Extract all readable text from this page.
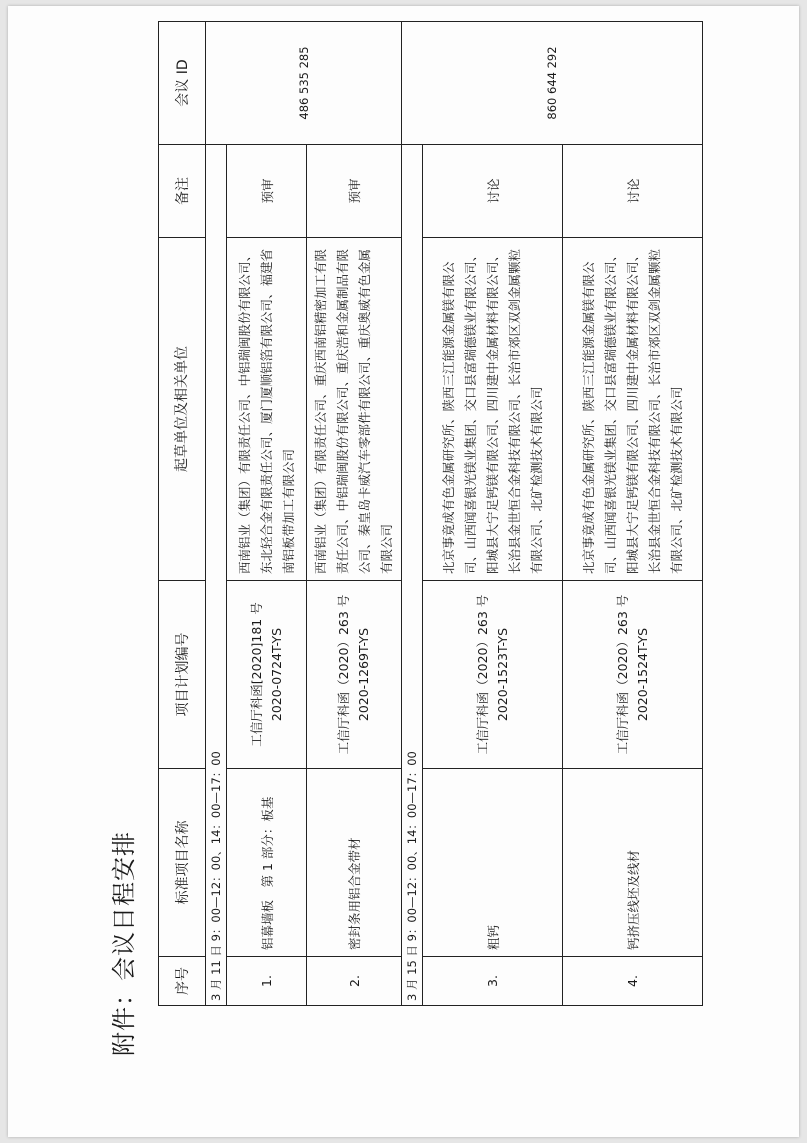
附件：会议日程安排	序号	标准项目名称	项目计划编号	起草单位及相关单位	备注	会议 ID
3 月 11 日 9：00—12：00、14：00—17：00					486 535 285
1.	铝幕墙板　第 1 部分：板基	工信厅科函[2020]181 号 2020-0724T-YS	西南铝业（集团）有限责任公司、中铝瑞闽股份有限公司、东北轻合金有限责任公司、厦门厦顺铝箔有限公司、福建省南铝板带加工有限公司	预审	
2.	密封条用铝合金带材	工信厅科函（2020）263 号 2020-1269T-YS	西南铝业（集团）有限责任公司、重庆西南铝精密加工有限责任公司、中铝瑞闽股份有限公司、重庆浩和金属制品有限公司、秦皇岛卡威汽车零部件有限公司、重庆奥威有色金属有限公司	预审	
3 月 15 日 9：00—12：00、14：00—17：00					860 644 292
3.	粗钙	工信厅科函（2020）263 号 2020-1523T-YS	北京事竟成有色金属研究所、陕西三江能源金属镁有限公司、山西闻喜银光镁业集团、交口县富瑞德镁业有限公司、阳城县大宁足钙镁有限公司、四川建中金属材料有限公司、长治县金世恒合金科技有限公司、长治市郊区双剑金属颗粒有限公司、北矿检测技术有限公司	讨论	
4.	钙挤压线坯及线材	工信厅科函（2020）263 号 2020-1524T-YS	北京事竟成有色金属研究所、陕西三江能源金属镁有限公司、山西闻喜银光镁业集团、交口县富瑞德镁业有限公司、阳城县大宁足钙镁有限公司、四川建中金属材料有限公司、长治县金世恒合金科技有限公司、长治市郊区双剑金属颗粒有限公司、北矿检测技术有限公司	讨论	
